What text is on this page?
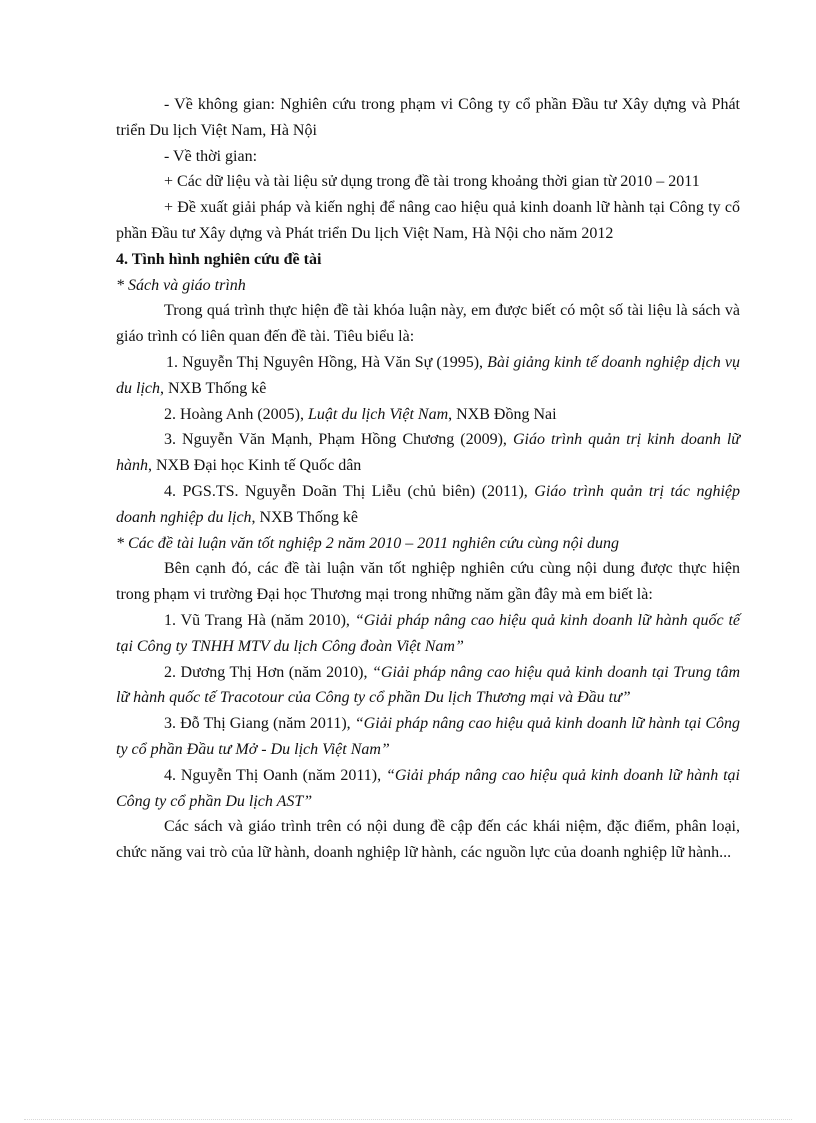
- Về không gian: Nghiên cứu trong phạm vi Công ty cổ phần Đầu tư Xây dựng và Phát triển Du lịch Việt Nam, Hà Nội

- Về thời gian:

+ Các dữ liệu và tài liệu sử dụng trong đề tài trong khoảng thời gian từ 2010 – 2011

+ Đề xuất giải pháp và kiến nghị để nâng cao hiệu quả kinh doanh lữ hành tại Công ty cổ phần Đầu tư Xây dựng và Phát triển Du lịch Việt Nam, Hà Nội cho năm 2012

4. Tình hình nghiên cứu đề tài

* Sách và giáo trình

Trong quá trình thực hiện đề tài khóa luận này, em được biết có một số tài liệu là sách và giáo trình có liên quan đến đề tài. Tiêu biểu là:

1. Nguyễn Thị Nguyên Hồng, Hà Văn Sự (1995), Bài giảng kinh tế doanh nghiệp dịch vụ du lịch, NXB Thống kê

2. Hoàng Anh (2005), Luật du lịch Việt Nam, NXB Đồng Nai

3. Nguyễn Văn Mạnh, Phạm Hồng Chương (2009), Giáo trình quản trị kinh doanh lữ hành, NXB Đại học Kinh tế Quốc dân

4. PGS.TS. Nguyễn Doãn Thị Liễu (chủ biên) (2011), Giáo trình quản trị tác nghiệp doanh nghiệp du lịch, NXB Thống kê

* Các đề tài luận văn tốt nghiệp 2 năm 2010 – 2011 nghiên cứu cùng nội dung

Bên cạnh đó, các đề tài luận văn tốt nghiệp nghiên cứu cùng nội dung được thực hiện trong phạm vi trường Đại học Thương mại trong những năm gần đây mà em biết là:

1. Vũ Trang Hà (năm 2010), “Giải pháp nâng cao hiệu quả kinh doanh lữ hành quốc tế tại Công ty TNHH MTV du lịch Công đoàn Việt Nam”

2. Dương Thị Hơn (năm 2010), “Giải pháp nâng cao hiệu quả kinh doanh tại Trung tâm lữ hành quốc tế Tracotour của Công ty cổ phần Du lịch Thương mại và Đầu tư”

3. Đỗ Thị Giang (năm 2011), “Giải pháp nâng cao hiệu quả kinh doanh lữ hành tại Công ty cổ phần Đầu tư Mở - Du lịch Việt Nam”

4. Nguyễn Thị Oanh (năm 2011), “Giải pháp nâng cao hiệu quả kinh doanh lữ hành tại Công ty cổ phần Du lịch AST”

Các sách và giáo trình trên có nội dung đề cập đến các khái niệm, đặc điểm, phân loại, chức năng vai trò của lữ hành, doanh nghiệp lữ hành, các nguồn lực của doanh nghiệp lữ hành...
